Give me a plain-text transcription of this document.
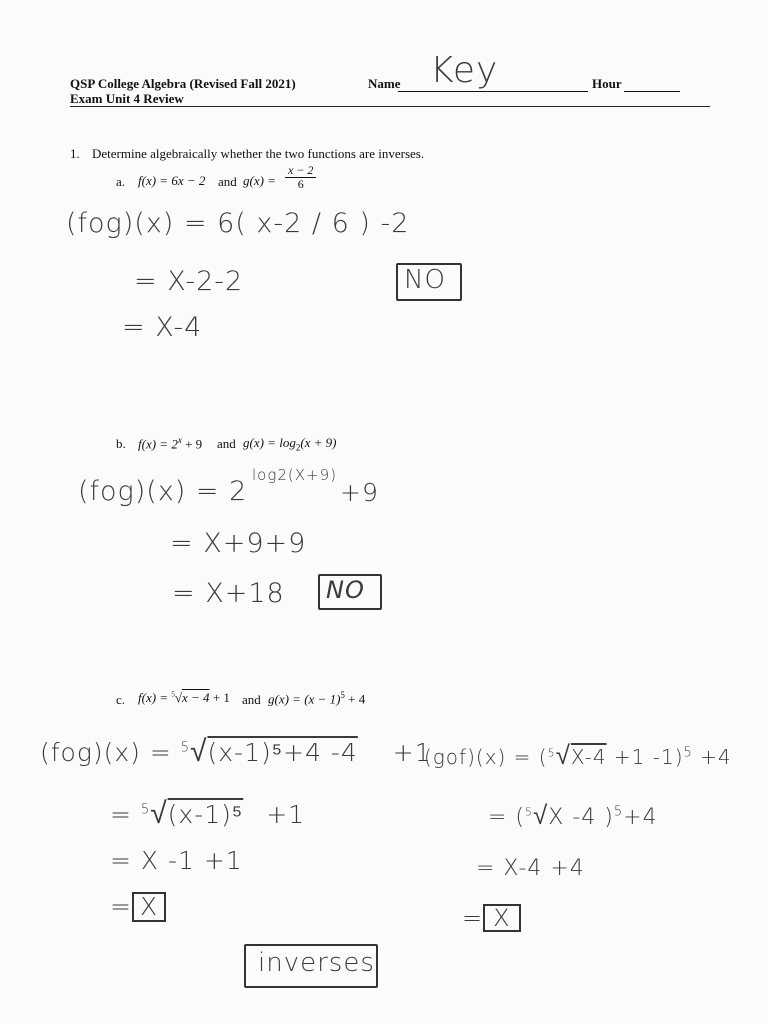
QSP College Algebra (Revised Fall 2021)
Exam Unit 4 Review
Name Key	Hour
1. Determine algebraically whether the two functions are inverses.
a. f(x) = 6x − 2 and $g(x) = \frac{x - 2}{6}$
(fog)(x) = 6( x-2 / 6 ) -2
= X-2-2
= X-4
NO
b. $f(x) = 2^x + 9$ and $g(x) = \log_2(x + 9)$
(fog)(x) = 2
log2(X+9)
+9
= X+9+9
= X+18 NO
c. f(x) = $^5$√x − 4 + 1 and $g(x) = (x - 1)^5 + 4$
(fog)(x) = $^5$√(x-1)⁵+4 -4 +1
= $^5$√(x-1)⁵ +1
= X -1 +1
=X
(gof)(x) = ($^5$√X-4 +1 -1)$^5$ +4
= ($^5$√X -4 )$^5$+4
= X-4 +4
=X
inverses
